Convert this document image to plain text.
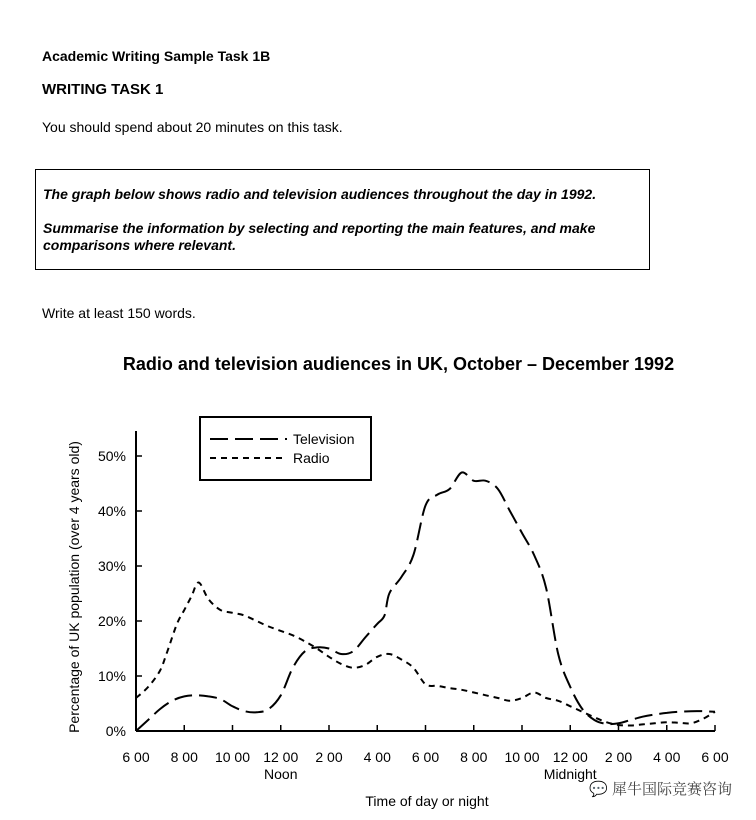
Academic Writing Sample Task 1B
WRITING TASK 1
You should spend about 20 minutes on this task.
The graph below shows radio and television audiences throughout the day in 1992.
Summarise the information by selecting and reporting the main features, and make comparisons where relevant.
Write at least 150 words.
Radio and television audiences in UK, October – December 1992
Television
Radio
0%
10%
20%
30%
40%
50%
6 00 8 00 10 00 12 00 2 00 4 00 6 00 8 00 10 00 12 00 2 00 4 00 6 00
Noon	Midnight
Time of day or night
Percentage of UK population (over 4 years old)
💬 犀牛国际竞赛咨询
